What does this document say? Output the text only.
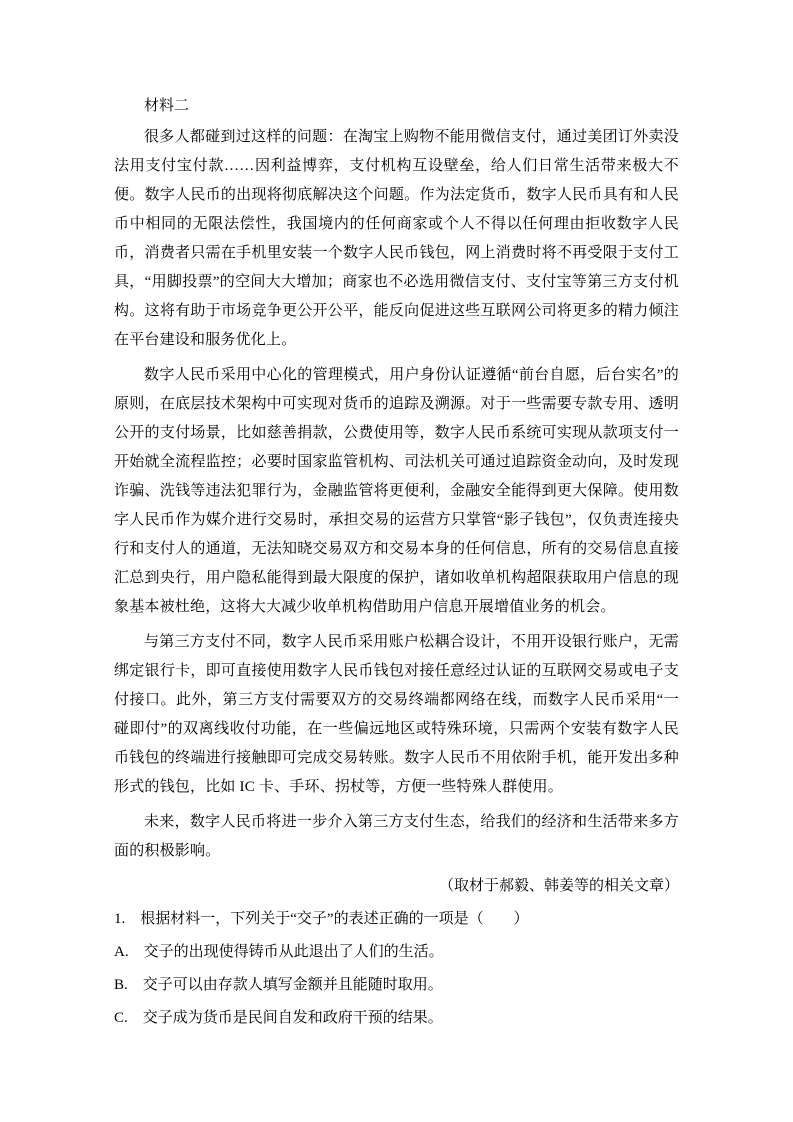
材料二

很多人都碰到过这样的问题：在淘宝上购物不能用微信支付，通过美团订外卖没法用支付宝付款……因利益博弈，支付机构互设壁垒，给人们日常生活带来极大不便。数字人民币的出现将彻底解决这个问题。作为法定货币，数字人民币具有和人民币中相同的无限法偿性，我国境内的任何商家或个人不得以任何理由拒收数字人民币，消费者只需在手机里安装一个数字人民币钱包，网上消费时将不再受限于支付工具，“用脚投票”的空间大大增加；商家也不必选用微信支付、支付宝等第三方支付机构。这将有助于市场竞争更公开公平，能反向促进这些互联网公司将更多的精力倾注在平台建设和服务优化上。

数字人民币采用中心化的管理模式，用户身份认证遵循“前台自愿，后台实名”的原则，在底层技术架构中可实现对货币的追踪及溯源。对于一些需要专款专用、透明公开的支付场景，比如慈善捐款，公费使用等，数字人民币系统可实现从款项支付一开始就全流程监控；必要时国家监管机构、司法机关可通过追踪资金动向，及时发现诈骗、洗钱等违法犯罪行为，金融监管将更便利，金融安全能得到更大保障。使用数字人民币作为媒介进行交易时，承担交易的运营方只掌管“影子钱包”，仅负责连接央行和支付人的通道，无法知晓交易双方和交易本身的任何信息，所有的交易信息直接汇总到央行，用户隐私能得到最大限度的保护，诸如收单机构超限获取用户信息的现象基本被杜绝，这将大大减少收单机构借助用户信息开展增值业务的机会。

与第三方支付不同，数字人民币采用账户松耦合设计，不用开设银行账户，无需绑定银行卡，即可直接使用数字人民币钱包对接任意经过认证的互联网交易或电子支付接口。此外，第三方支付需要双方的交易终端都网络在线，而数字人民币采用“一碰即付”的双离线收付功能，在一些偏远地区或特殊环境，只需两个安装有数字人民币钱包的终端进行接触即可完成交易转账。数字人民币不用依附手机，能开发出多种形式的钱包，比如 IC 卡、手环、拐杖等，方便一些特殊人群使用。

未来，数字人民币将进一步介入第三方支付生态，给我们的经济和生活带来多方面的积极影响。

（取材于郝毅、韩姜等的相关文章）

1.　根据材料一，下列关于“交子”的表述正确的一项是（　　）

A.　交子的出现使得铸币从此退出了人们的生活。

B.　交子可以由存款人填写金额并且能随时取用。

C.　交子成为货币是民间自发和政府干预的结果。
